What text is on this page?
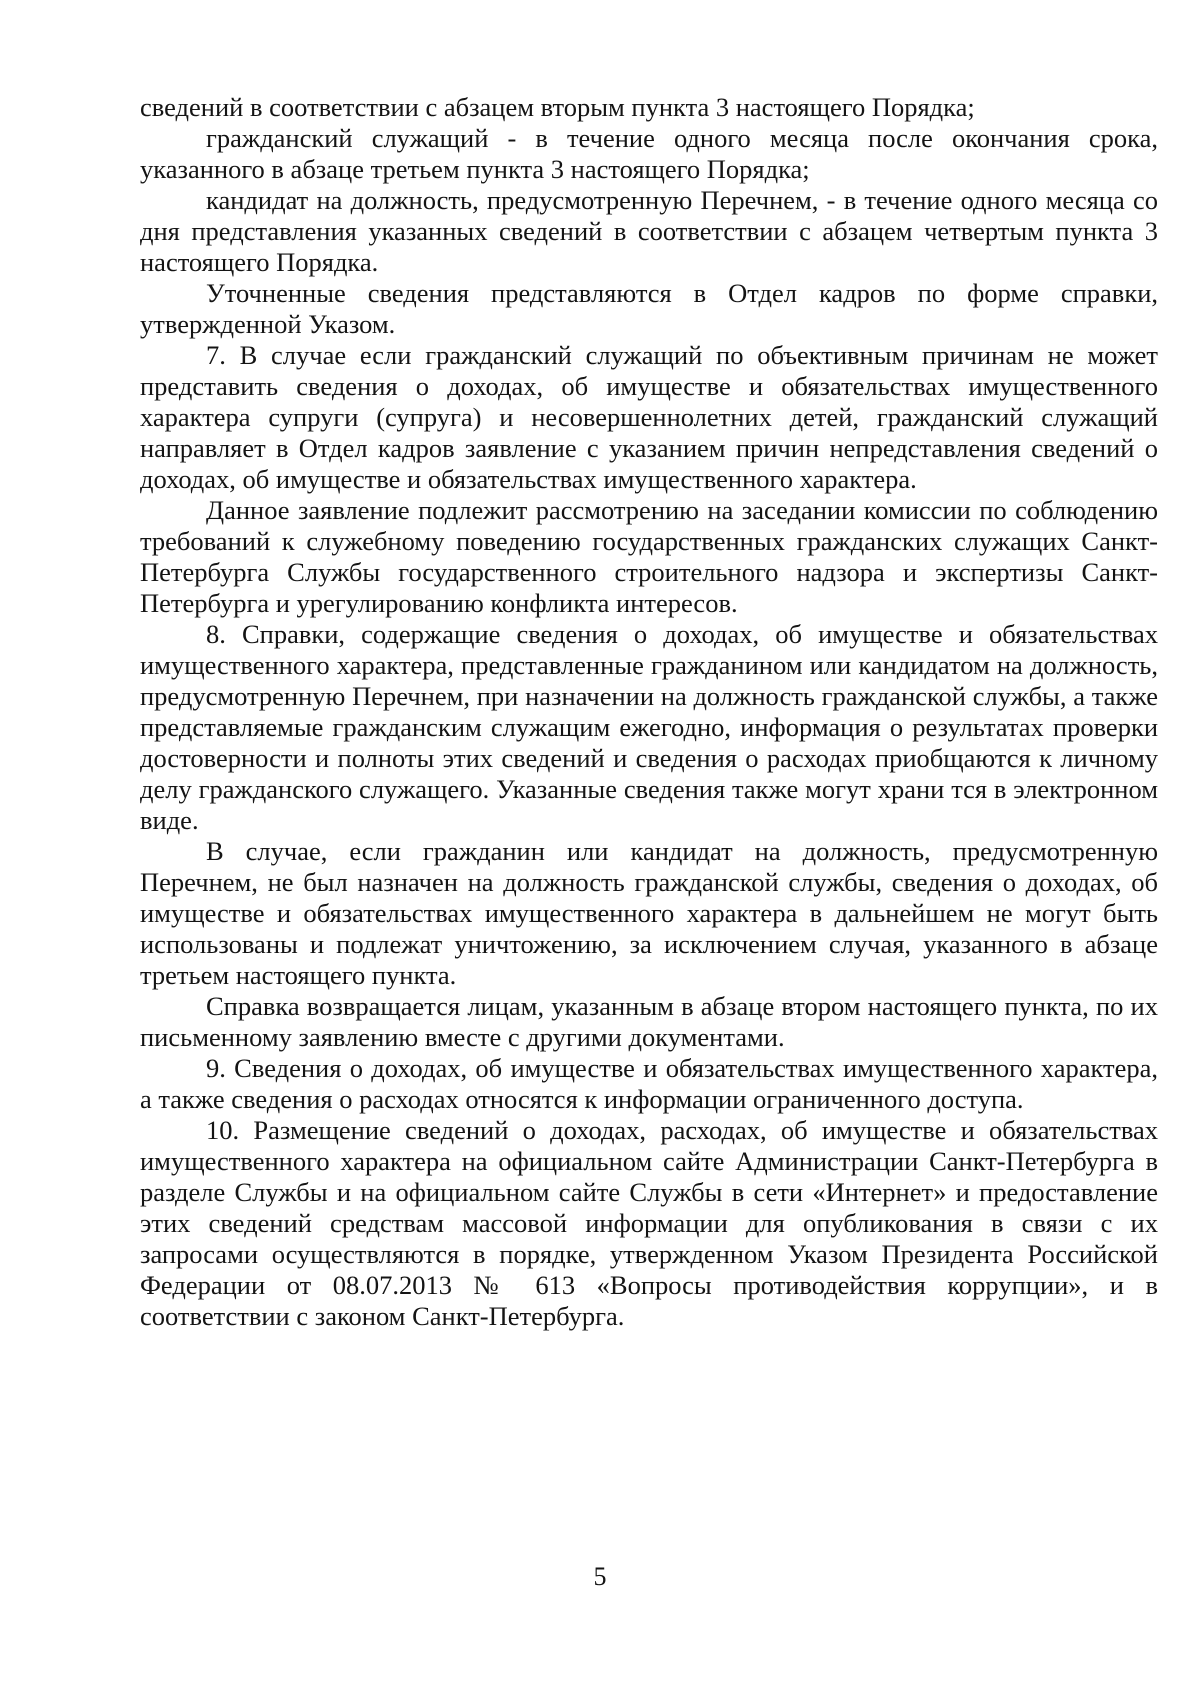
сведений в соответствии с абзацем вторым пункта 3 настоящего Порядка;

гражданский служащий - в течение одного месяца после окончания срока, указанного в абзаце третьем пункта 3 настоящего Порядка;

кандидат на должность, предусмотренную Перечнем, - в течение одного месяца со дня представления указанных сведений в соответствии с абзацем четвертым пункта 3 настоящего Порядка.

Уточненные сведения представляются в Отдел кадров по форме справки, утвержденной Указом.

7. В случае если гражданский служащий по объективным причинам не может представить сведения о доходах, об имуществе и обязательствах имущественного характера супруги (супруга) и несовершеннолетних детей, гражданский служащий направляет в Отдел кадров заявление с указанием причин непредставления сведений о доходах, об имуществе и обязательствах имущественного характера.

Данное заявление подлежит рассмотрению на заседании комиссии по соблюдению требований к служебному поведению государственных гражданских служащих Санкт-Петербурга Службы государственного строительного надзора и экспертизы Санкт-Петербурга и урегулированию конфликта интересов.

8. Справки, содержащие сведения о доходах, об имуществе и обязательствах имущественного характера, представленные гражданином или кандидатом на должность, предусмотренную Перечнем, при назначении на должность гражданской службы, а также представляемые гражданским служащим ежегодно, информация о результатах проверки достоверности и полноты этих сведений и сведения о расходах приобщаются к личному делу гражданского служащего. Указанные сведения также могут храни тся в электронном виде.

В случае, если гражданин или кандидат на должность, предусмотренную Перечнем, не был назначен на должность гражданской службы, сведения о доходах, об имуществе и обязательствах имущественного характера в дальнейшем не могут быть использованы и подлежат уничтожению, за исключением случая, указанного в абзаце третьем настоящего пункта.

Справка возвращается лицам, указанным в абзаце втором настоящего пункта, по их письменному заявлению вместе с другими документами.

9. Сведения о доходах, об имуществе и обязательствах имущественного характера, а также сведения о расходах относятся к информации ограниченного доступа.

10. Размещение сведений о доходах, расходах, об имуществе и обязательствах имущественного характера на официальном сайте Администрации Санкт-Петербурга в разделе Службы и на официальном сайте Службы в сети «Интернет» и предоставление этих сведений средствам массовой информации для опубликования в связи с их запросами осуществляются в порядке, утвержденном Указом Президента Российской Федерации от 08.07.2013 № 613 «Вопросы противодействия коррупции», и в соответствии с законом Санкт-Петербурга.

5
